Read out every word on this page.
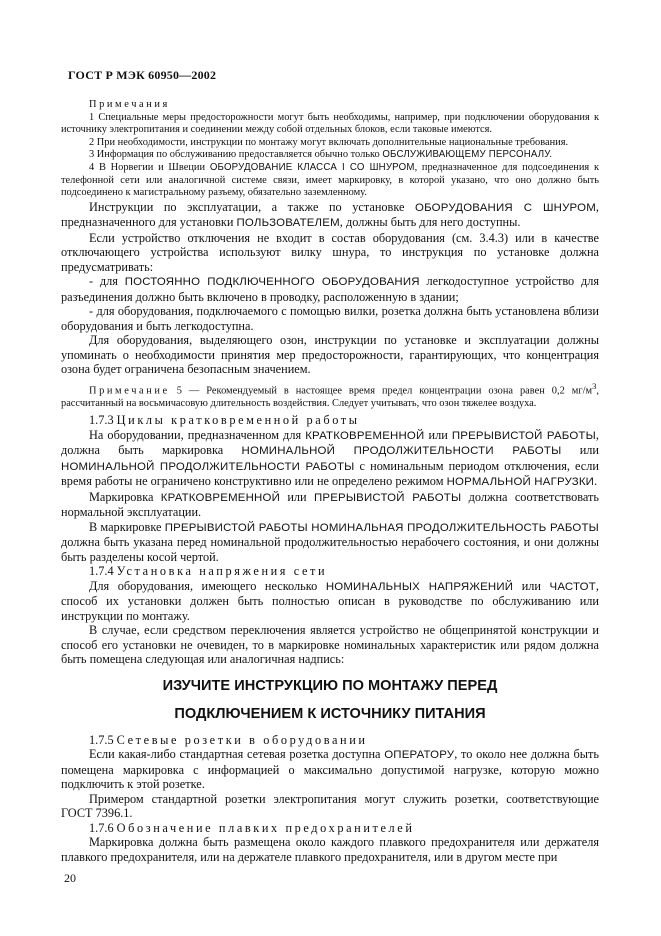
ГОСТ Р МЭК 60950—2002

Примечания

1 Специальные меры предосторожности могут быть необходимы, например, при подключении оборудования к источнику электропитания и соединении между собой отдельных блоков, если таковые имеются.

2 При необходимости, инструкции по монтажу могут включать дополнительные национальные требования.

3 Информация по обслуживанию предоставляется обычно только ОБСЛУЖИВАЮЩЕМУ ПЕРСОНАЛУ.

4 В Норвегии и Швеции ОБОРУДОВАНИЕ КЛАССА I СО ШНУРОМ, предназначенное для подсоединения к телефонной сети или аналогичной системе связи, имеет маркировку, в которой указано, что оно должно быть подсоединено к магистральному разъему, обязательно заземленному.

Инструкции по эксплуатации, а также по установке ОБОРУДОВАНИЯ С ШНУРОМ, предназначенного для установки ПОЛЬЗОВАТЕЛЕМ, должны быть для него доступны.

Если устройство отключения не входит в состав оборудования (см. 3.4.3) или в качестве отключающего устройства используют вилку шнура, то инструкция по установке должна предусматривать:

- для ПОСТОЯННО ПОДКЛЮЧЕННОГО ОБОРУДОВАНИЯ легкодоступное устройство для разъединения должно быть включено в проводку, расположенную в здании;

- для оборудования, подключаемого с помощью вилки, розетка должна быть установлена вблизи оборудования и быть легкодоступна.

Для оборудования, выделяющего озон, инструкции по установке и эксплуатации должны упоминать о необходимости принятия мер предосторожности, гарантирующих, что концентрация озона будет ограничена безопасным значением.

Примечание 5 — Рекомендуемый в настоящее время предел концентрации озона равен 0,2 $мг/м^3$, рассчитанный на восьмичасовую длительность воздействия. Следует учитывать, что озон тяжелее воздуха.

1.7.3 Циклы кратковременной работы

На оборудовании, предназначенном для КРАТКОВРЕМЕННОЙ или ПРЕРЫВИСТОЙ РАБОТЫ, должна быть маркировка НОМИНАЛЬНОЙ ПРОДОЛЖИТЕЛЬНОСТИ РАБОТЫ или НОМИНАЛЬНОЙ ПРОДОЛЖИТЕЛЬНОСТИ РАБОТЫ с номинальным периодом отключения, если время работы не ограничено конструктивно или не определено режимом НОРМАЛЬНОЙ НАГРУЗКИ.

Маркировка КРАТКОВРЕМЕННОЙ или ПРЕРЫВИСТОЙ РАБОТЫ должна соответствовать нормальной эксплуатации.

В маркировке ПРЕРЫВИСТОЙ РАБОТЫ НОМИНАЛЬНАЯ ПРОДОЛЖИТЕЛЬНОСТЬ РАБОТЫ должна быть указана перед номинальной продолжительностью нерабочего состояния, и они должны быть разделены косой чертой.

1.7.4 Установка напряжения сети

Для оборудования, имеющего несколько НОМИНАЛЬНЫХ НАПРЯЖЕНИЙ или ЧАСТОТ, способ их установки должен быть полностью описан в руководстве по обслуживанию или инструкции по монтажу.

В случае, если средством переключения является устройство не общепринятой конструкции и способ его установки не очевиден, то в маркировке номинальных характеристик или рядом должна быть помещена следующая или аналогичная надпись:

ИЗУЧИТЕ ИНСТРУКЦИЮ ПО МОНТАЖУ ПЕРЕД
ПОДКЛЮЧЕНИЕМ К ИСТОЧНИКУ ПИТАНИЯ

1.7.5 Сетевые розетки в оборудовании

Если какая-либо стандартная сетевая розетка доступна ОПЕРАТОРУ, то около нее должна быть помещена маркировка с информацией о максимально допустимой нагрузке, которую можно подключить к этой розетке.

Примером стандартной розетки электропитания могут служить розетки, соответствующие ГОСТ 7396.1.

1.7.6 Обозначение плавких предохранителей

Маркировка должна быть размещена около каждого плавкого предохранителя или держателя плавкого предохранителя, или на держателе плавкого предохранителя, или в другом месте при

20
